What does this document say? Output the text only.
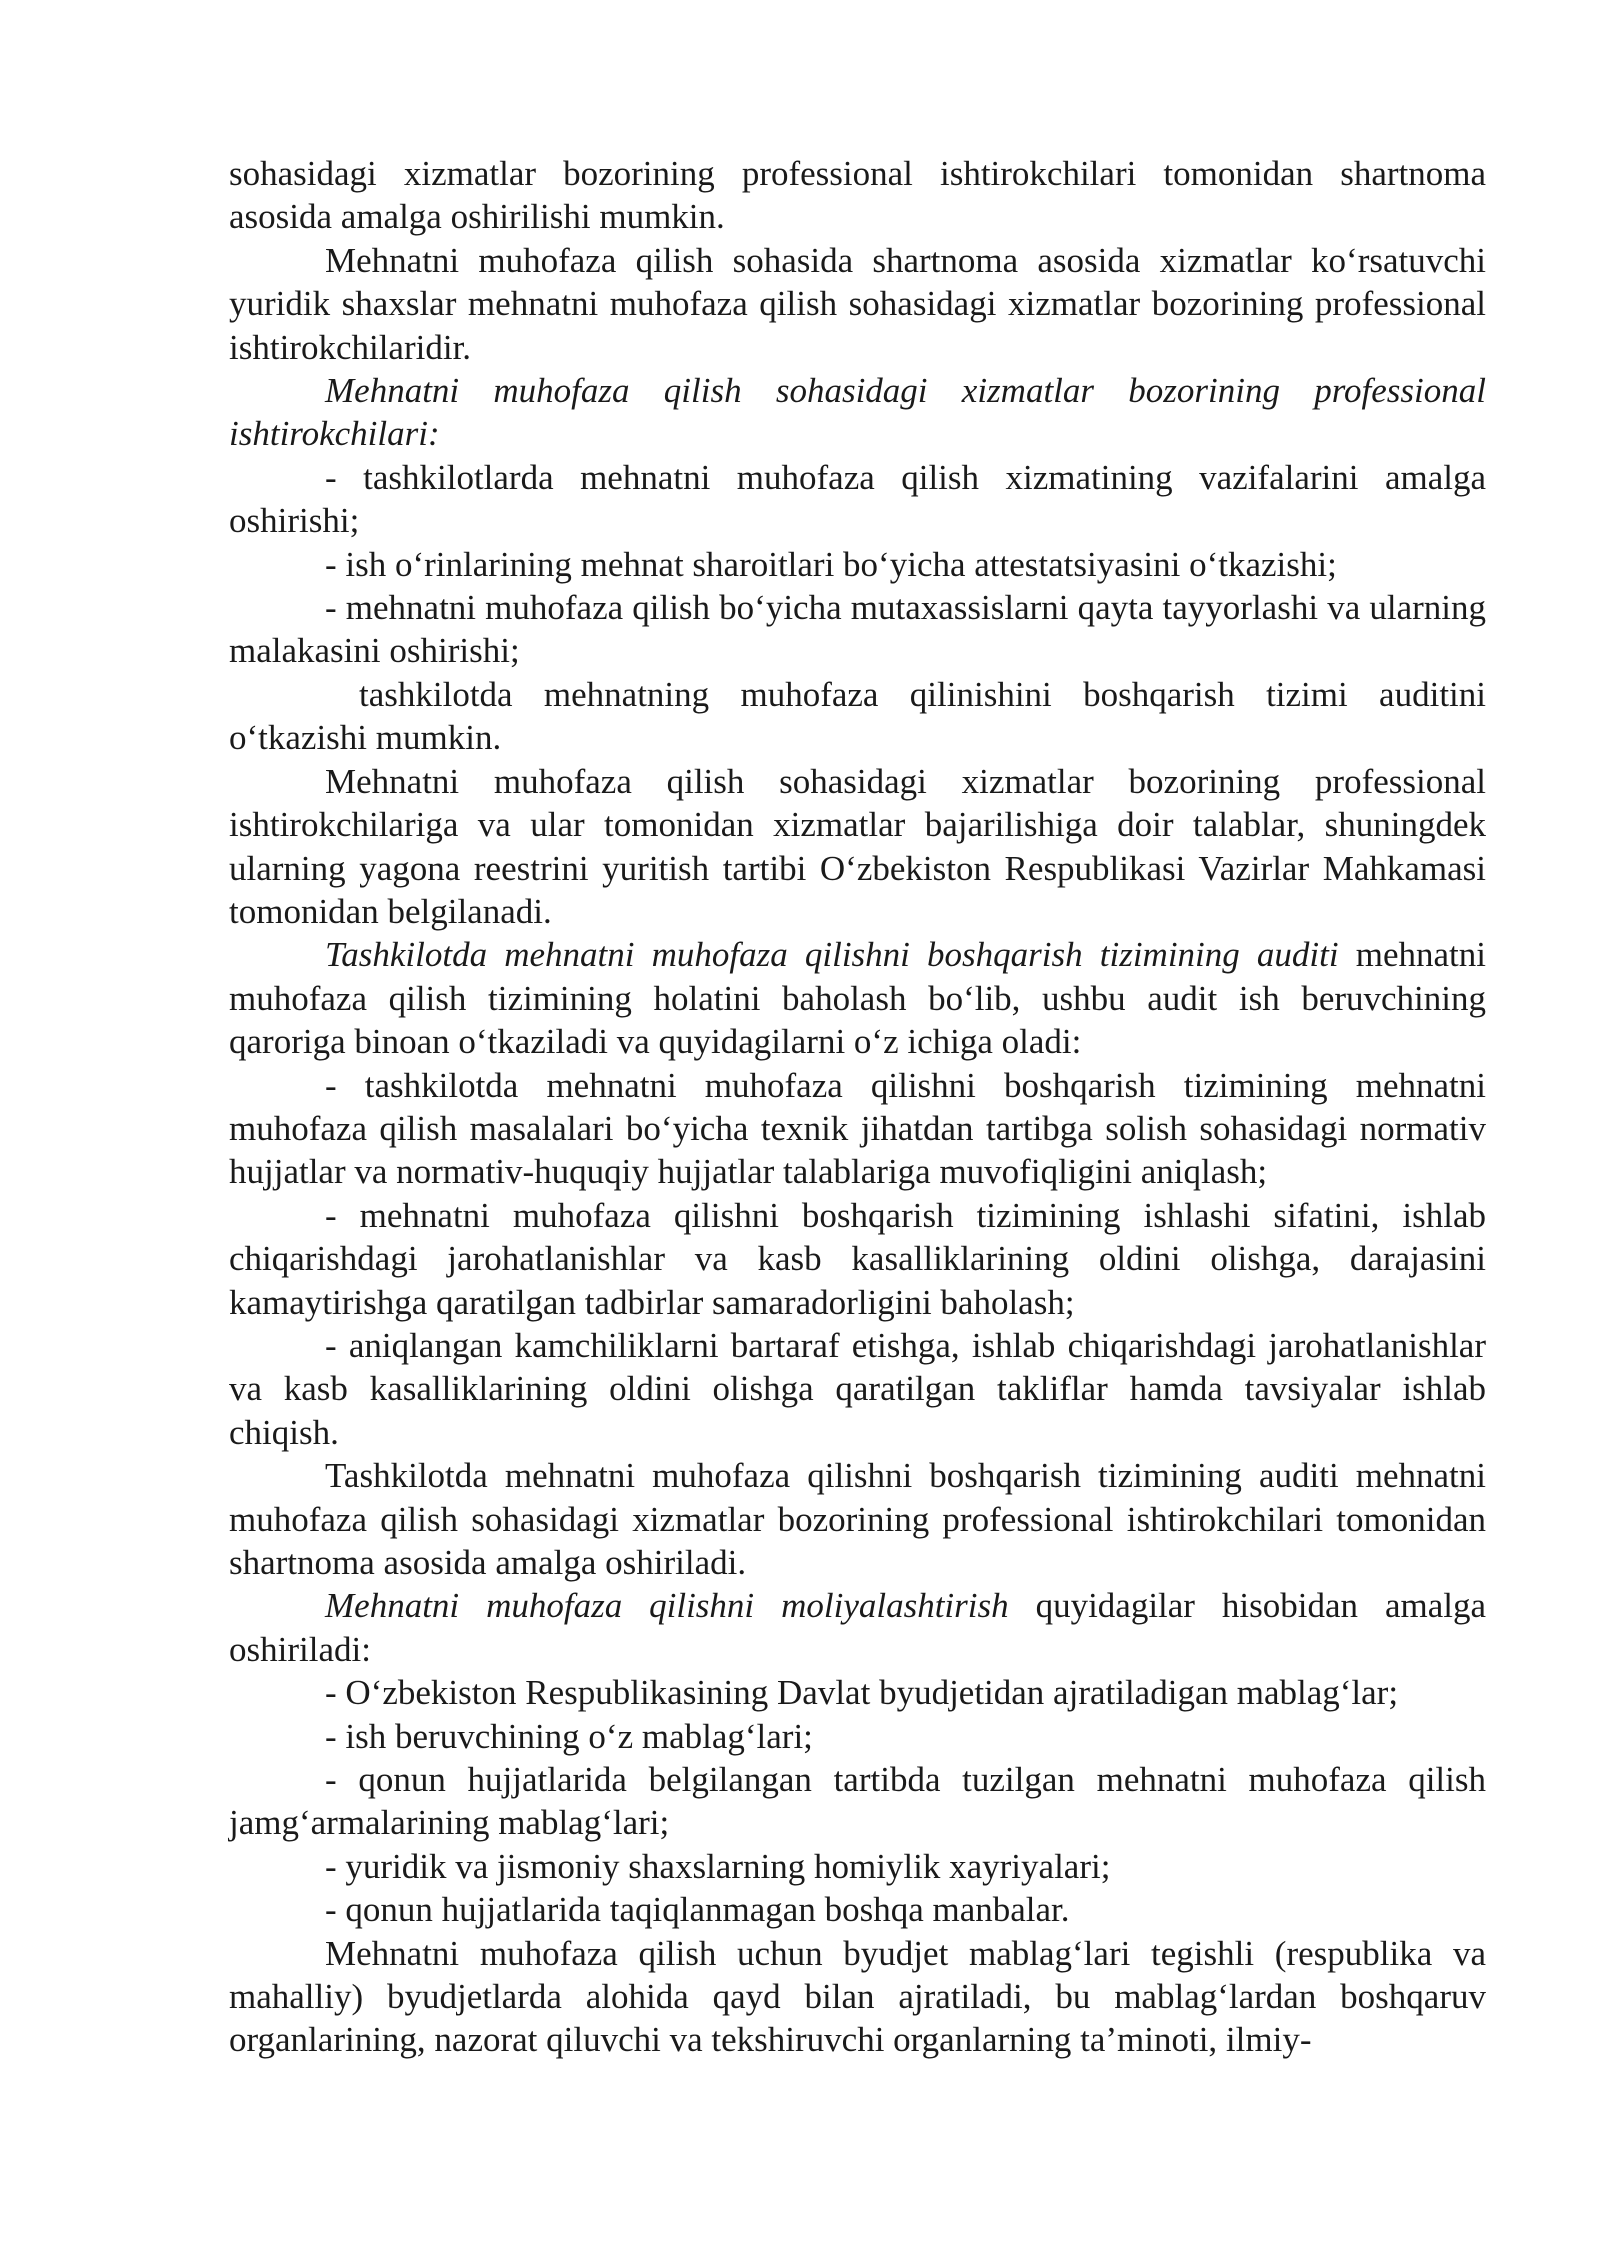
sohasidagi xizmatlar bozorining professional ishtirokchilari tomonidan shartnoma asosida amalga oshirilishi mumkin.

Mehnatni muhofaza qilish sohasida shartnoma asosida xizmatlar ko‘rsatuvchi yuridik shaxslar mehnatni muhofaza qilish sohasidagi xizmatlar bozorining professional ishtirokchilaridir.

Mehnatni muhofaza qilish sohasidagi xizmatlar bozorining professional ishtirokchilari:

- tashkilotlarda mehnatni muhofaza qilish xizmatining vazifalarini amalga oshirishi;

- ish o‘rinlarining mehnat sharoitlari bo‘yicha attestatsiyasini o‘tkazishi;

- mehnatni muhofaza qilish bo‘yicha mutaxassislarni qayta tayyorlashi va ularning malakasini oshirishi;

tashkilotda mehnatning muhofaza qilinishini boshqarish tizimi auditini o‘tkazishi mumkin.

Mehnatni muhofaza qilish sohasidagi xizmatlar bozorining professional ishtirokchilariga va ular tomonidan xizmatlar bajarilishiga doir talablar, shuningdek ularning yagona reestrini yuritish tartibi O‘zbekiston Respublikasi Vazirlar Mahkamasi tomonidan belgilanadi.

Tashkilotda mehnatni muhofaza qilishni boshqarish tizimining auditi mehnatni muhofaza qilish tizimining holatini baholash bo‘lib, ushbu audit ish beruvchining qaroriga binoan o‘tkaziladi va quyidagilarni o‘z ichiga oladi:

- tashkilotda mehnatni muhofaza qilishni boshqarish tizimining mehnatni muhofaza qilish masalalari bo‘yicha texnik jihatdan tartibga solish sohasidagi normativ hujjatlar va normativ-huquqiy hujjatlar talablariga muvofiqligini aniqlash;

- mehnatni muhofaza qilishni boshqarish tizimining ishlashi sifatini, ishlab chiqarishdagi jarohatlanishlar va kasb kasalliklarining oldini olishga, darajasini kamaytirishga qaratilgan tadbirlar samaradorligini baholash;

- aniqlangan kamchiliklarni bartaraf etishga, ishlab chiqarishdagi jarohatlanishlar va kasb kasalliklarining oldini olishga qaratilgan takliflar hamda tavsiyalar ishlab chiqish.

Tashkilotda mehnatni muhofaza qilishni boshqarish tizimining auditi mehnatni muhofaza qilish sohasidagi xizmatlar bozorining professional ishtirokchilari tomonidan shartnoma asosida amalga oshiriladi.

Mehnatni muhofaza qilishni moliyalashtirish quyidagilar hisobidan amalga oshiriladi:

- O‘zbekiston Respublikasining Davlat byudjetidan ajratiladigan mablag‘lar;

- ish beruvchining o‘z mablag‘lari;

- qonun hujjatlarida belgilangan tartibda tuzilgan mehnatni muhofaza qilish jamg‘armalarining mablag‘lari;

- yuridik va jismoniy shaxslarning homiylik xayriyalari;

- qonun hujjatlarida taqiqlanmagan boshqa manbalar.

Mehnatni muhofaza qilish uchun byudjet mablag‘lari tegishli (respublika va mahalliy) byudjetlarda alohida qayd bilan ajratiladi, bu mablag‘lardan boshqaruv organlarining, nazorat qiluvchi va tekshiruvchi organlarning ta’minoti, ilmiy-
